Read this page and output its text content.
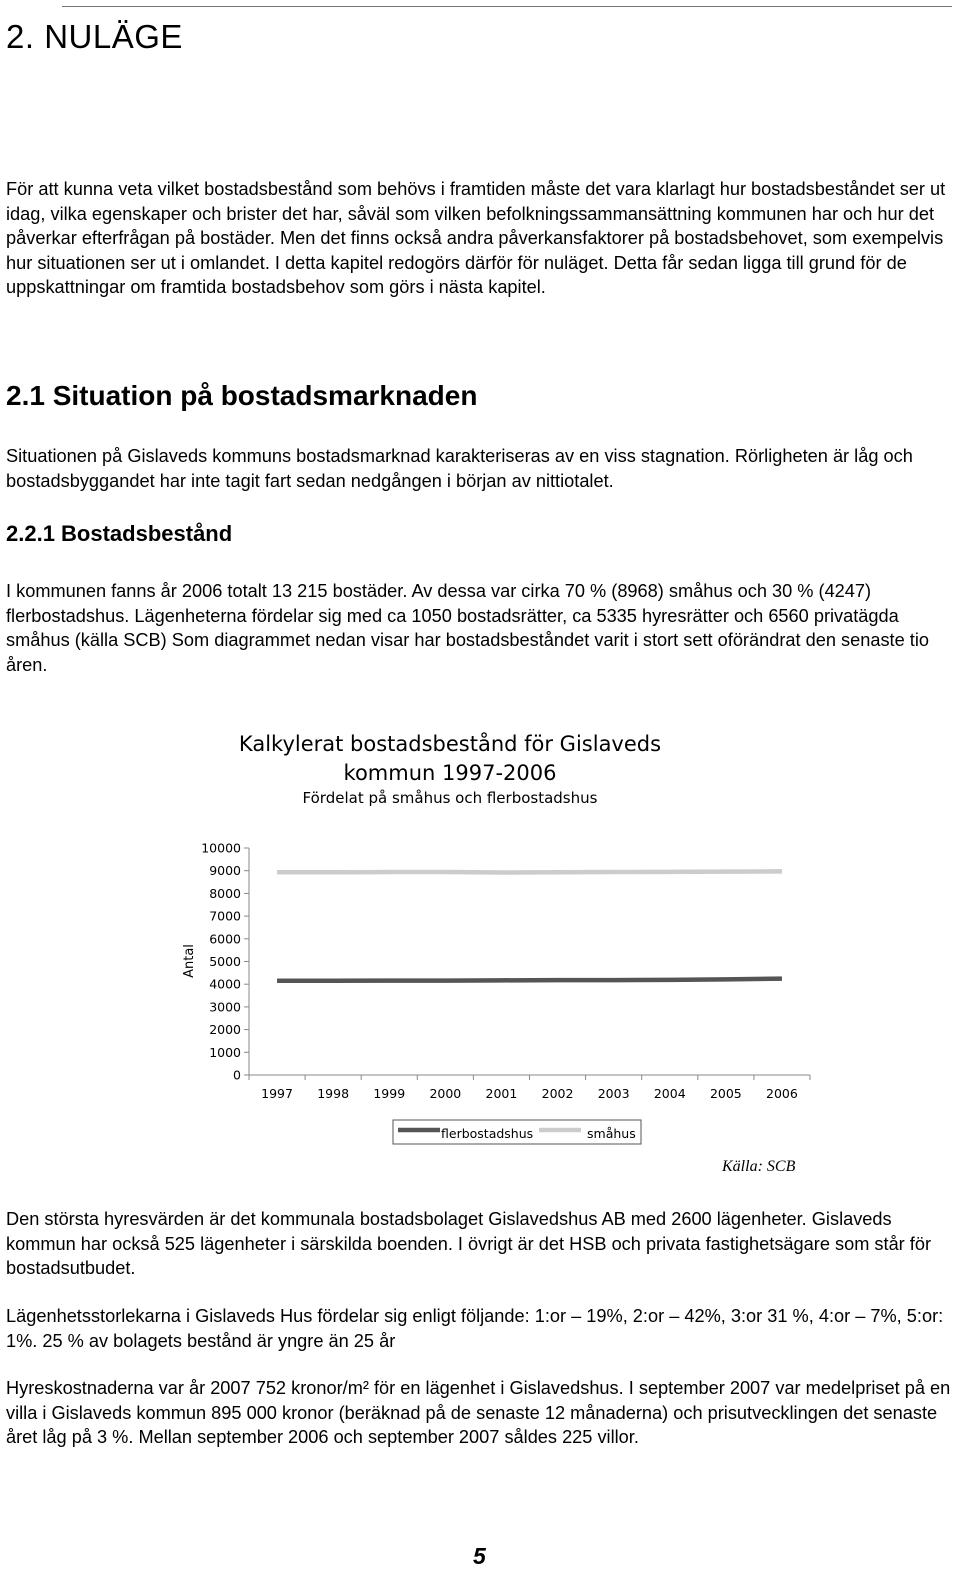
2. NULÄGE

För att kunna veta vilket bostadsbestånd som behövs i framtiden måste det vara klarlagt hur bostadsbeståndet ser ut idag, vilka egenskaper och brister det har, såväl som vilken befolkningssammansättning kommunen har och hur det påverkar efterfrågan på bostäder. Men det finns också andra påverkansfaktorer på bostadsbehovet, som exempelvis hur situationen ser ut i omlandet. I detta kapitel redogörs därför för nuläget. Detta får sedan ligga till grund för de uppskattningar om framtida bostadsbehov som görs i nästa kapitel.

2.1 Situation på bostadsmarknaden

Situationen på Gislaveds kommuns bostadsmarknad karakteriseras av en viss stagnation. Rörligheten är låg och bostadsbyggandet har inte tagit fart sedan nedgången i början av nittiotalet.

2.2.1 Bostadsbestånd

I kommunen fanns år 2006 totalt 13 215 bostäder. Av dessa var cirka 70 % (8968) småhus och 30 % (4247) flerbostadshus. Lägenheterna fördelar sig med ca 1050 bostadsrätter, ca 5335 hyresrätter och 6560 privatägda småhus (källa SCB) Som diagrammet nedan visar har bostadsbeståndet varit i stort sett oförändrat den senaste tio åren.

Kalkylerat bostadsbestånd för Gislaveds
kommun 1997-2006
Fördelat på småhus och flerbostadshus
Antal
0
1000
2000
3000
4000
5000
6000
7000
8000
9000
10000
1997 1998 1999 2000 2001 2002 2003 2004 2005 2006
flerbostadshus	småhus

Källa: SCB

Den största hyresvärden är det kommunala bostadsbolaget Gislavedshus AB med 2600 lägenheter. Gislaveds kommun har också 525 lägenheter i särskilda boenden. I övrigt är det HSB och privata fastighetsägare som står för bostadsutbudet.

Lägenhetsstorlekarna i Gislaveds Hus fördelar sig enligt följande: 1:or – 19%, 2:or – 42%, 3:or 31 %, 4:or – 7%, 5:or: 1%. 25 % av bolagets bestånd är yngre än 25 år

Hyreskostnaderna var år 2007 752 kronor/m² för en lägenhet i Gislavedshus. I september 2007 var medelpriset på en villa i Gislaveds kommun 895 000 kronor (beräknad på de senaste 12 månaderna) och prisutvecklingen det senaste året låg på 3 %. Mellan september 2006 och september 2007 såldes 225 villor.

5
